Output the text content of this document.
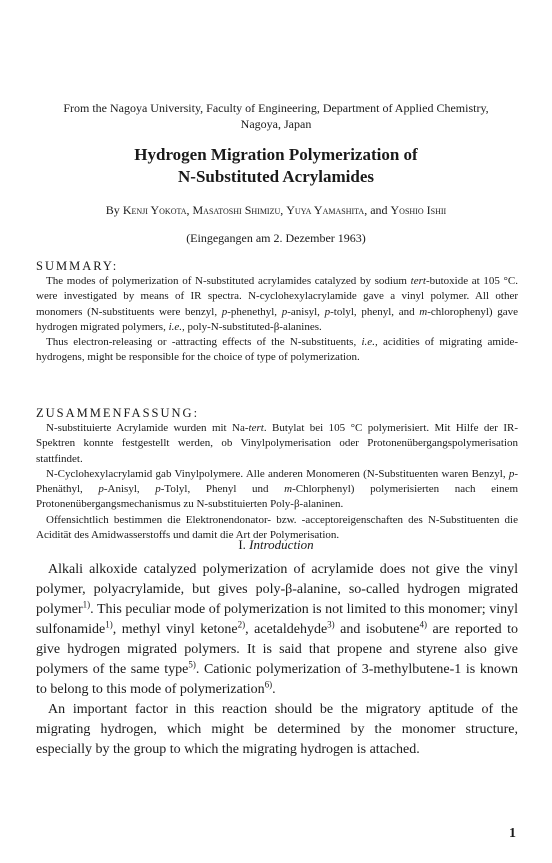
From the Nagoya University, Faculty of Engineering, Department of Applied Chemistry,
Nagoya, Japan
Hydrogen Migration Polymerization of
N-Substituted Acrylamides
By Kenji Yokota, Masatoshi Shimizu, Yuya Yamashita, and Yoshio Ishii
(Eingegangen am 2. Dezember 1963)
SUMMARY:

The modes of polymerization of N-substituted acrylamides catalyzed by sodium tert-butoxide at 105 °C. were investigated by means of IR spectra. N-cyclohexylacrylamide gave a vinyl polymer. All other monomers (N-substituents were benzyl, p-phenethyl, p-anisyl, p-tolyl, phenyl, and m-chlorophenyl) gave hydrogen migrated polymers, i.e., poly-N-substituted-β-alanines.

Thus electron-releasing or -attracting effects of the N-substituents, i.e., acidities of migrating amide-hydrogens, might be responsible for the choice of type of polymerization.

ZUSAMMENFASSUNG:

N-substituierte Acrylamide wurden mit Na-tert. Butylat bei 105 °C polymerisiert. Mit Hilfe der IR-Spektren konnte festgestellt werden, ob Vinylpolymerisation oder Protonenübergangspolymerisation stattfindet.

N-Cyclohexylacrylamid gab Vinylpolymere. Alle anderen Monomeren (N-Substituenten waren Benzyl, p-Phenäthyl, p-Anisyl, p-Tolyl, Phenyl und m-Chlorphenyl) polymerisierten nach einem Protonenübergangsmechanismus zu N-substituierten Poly-β-alaninen.

Offensichtlich bestimmen die Elektronendonator- bzw. -acceptoreigenschaften des N-Substituenten die Acidität des Amidwasserstoffs und damit die Art der Polymerisation.

I. Introduction

Alkali alkoxide catalyzed polymerization of acrylamide does not give the vinyl polymer, polyacrylamide, but gives poly-β-alanine, so-called hydrogen migrated polymer$^{1)}$. This peculiar mode of polymerization is not limited to this monomer; vinyl sulfonamide$^{1)}$, methyl vinyl ketone$^{2)}$, acetaldehyde$^{3)}$ and isobutene$^{4)}$ are reported to give hydrogen migrated polymers. It is said that propene and styrene also give polymers of the same type$^{5)}$. Cationic polymerization of 3-methylbutene-1 is known to belong to this mode of polymerization$^{6)}$.

An important factor in this reaction should be the migratory aptitude of the migrating hydrogen, which might be determined by the monomer structure, especially by the group to which the migrating hydrogen is attached.

1
